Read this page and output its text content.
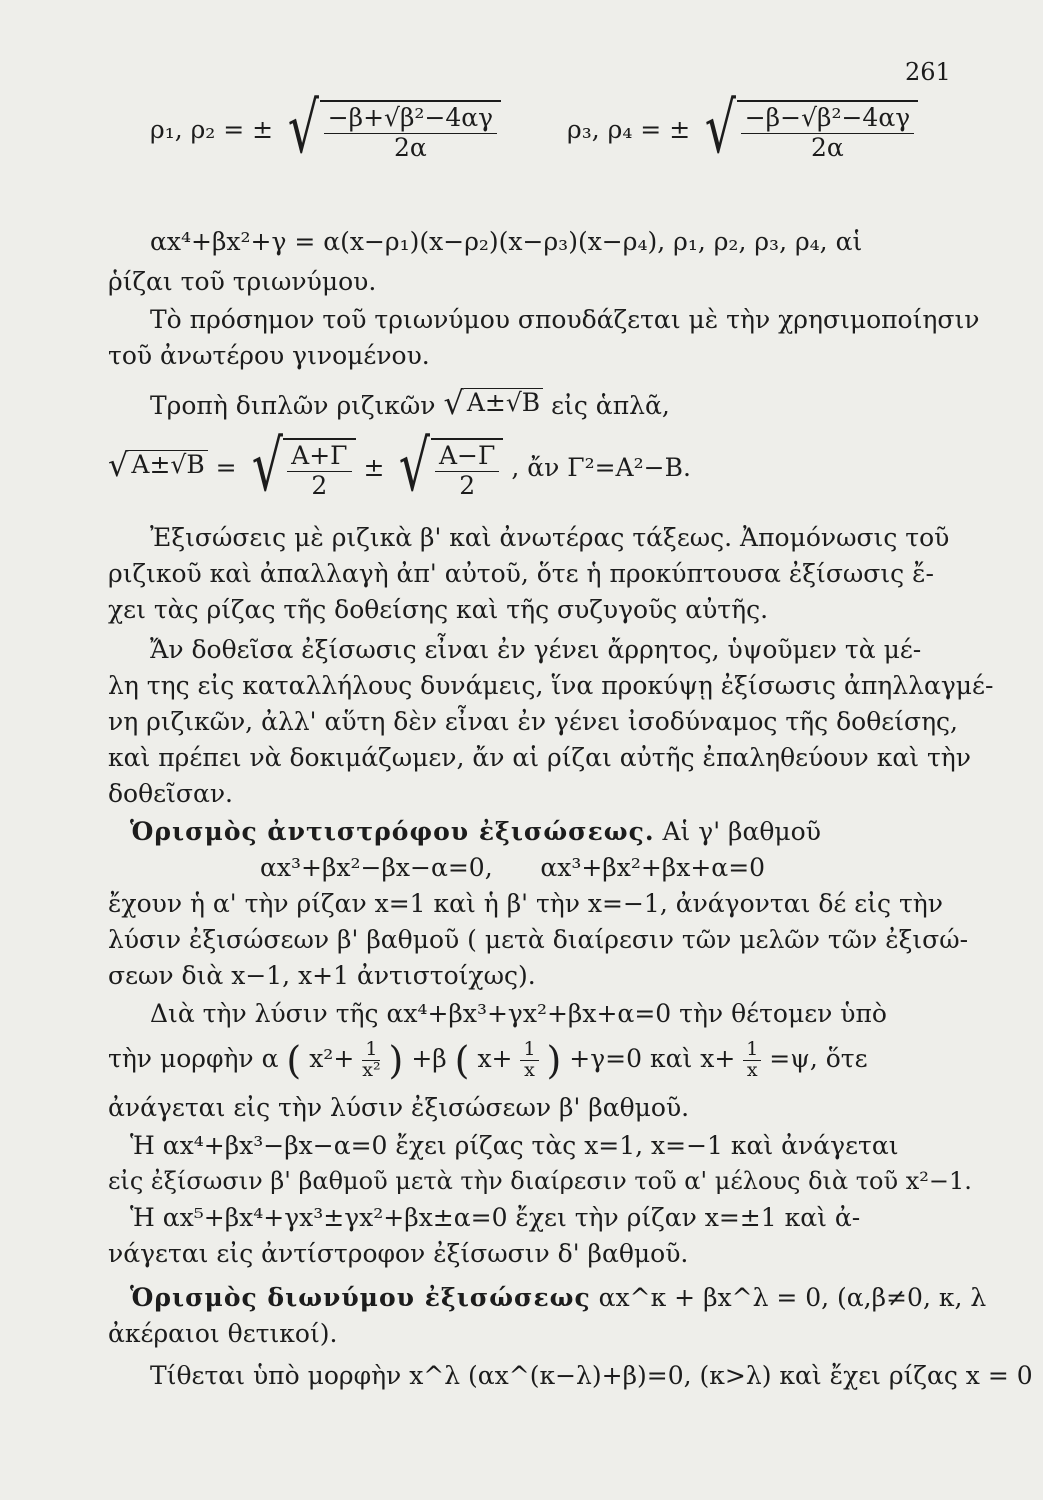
261
ρ₁, ρ₂ = ± √ $\frac{\text{−β+√β²−4αγ}}{2\alpha}$	ρ₃, ρ₄ = ± √ $\frac{\text{−β−√β²−4αγ}}{2\alpha}$
αx⁴+βx²+γ = α(x−ρ₁)(x−ρ₂)(x−ρ₃)(x−ρ₄), ρ₁, ρ₂, ρ₃, ρ₄, αἱ
ῥίζαι τοῦ τριωνύμου.
Τὸ πρόσημον τοῦ τριωνύμου σπουδάζεται μὲ τὴν χρησιμοποίησιν
τοῦ ἀνωτέρου γινομένου.
Τροπὴ διπλῶν ριζικῶν √ A±√B εἰς ἁπλᾶ,
√ A±√B = √ $\frac{A+\Gamma}{2}$ ± √ $\frac{A-\Gamma}{2}$ , ἄν Γ²=A²−B.
Ἐξισώσεις μὲ ριζικὰ β' καὶ ἀνωτέρας τάξεως. Ἀπομόνωσις τοῦ
ριζικοῦ καὶ ἀπαλλαγὴ ἀπ' αὐτοῦ, ὅτε ἡ προκύπτουσα ἐξίσωσις ἔ-
χει τὰς ρίζας τῆς δοθείσης καὶ τῆς συζυγοῦς αὐτῆς.
Ἄν δοθεῖσα ἐξίσωσις εἶναι ἐν γένει ἄρρητος, ὑψοῦμεν τὰ μέ-
λη της εἰς καταλλήλους δυνάμεις, ἵνα προκύψῃ ἐξίσωσις ἀπηλλαγμέ-
νη ριζικῶν, ἀλλ' αὕτη δὲν εἶναι ἐν γένει ἰσοδύναμος τῆς δοθείσης,
καὶ πρέπει νὰ δοκιμάζωμεν, ἄν αἱ ρίζαι αὐτῆς ἐπαληθεύουν καὶ τὴν
δοθεῖσαν.
Ὁρισμὸς ἀντιστρόφου ἐξισώσεως. Αἱ γ' βαθμοῦ
αx³+βx²−βx−α=0,      αx³+βx²+βx+α=0
ἔχουν ἡ α' τὴν ρίζαν x=1 καὶ ἡ β' τὴν x=−1, ἀνάγονται δέ εἰς τὴν
λύσιν ἐξισώσεων β' βαθμοῦ ( μετὰ διαίρεσιν τῶν μελῶν τῶν ἐξισώ-
σεων διὰ x−1, x+1 ἀντιστοίχως).
Διὰ τὴν λύσιν τῆς αx⁴+βx³+γx²+βx+α=0 τὴν θέτομεν ὑπὸ
τὴν μορφὴν α ( $x^2+ \frac{1}{\text{x²}}$ ) +β ( $x+ \frac{1}{x}$ ) +γ=0 καὶ $x+ \frac{1}{x} =\psi$, ὅτε
ἀνάγεται εἰς τὴν λύσιν ἐξισώσεων β' βαθμοῦ.
Ἡ αx⁴+βx³−βx−α=0 ἔχει ρίζας τὰς x=1, x=−1 καὶ ἀνάγεται
εἰς ἐξίσωσιν β' βαθμοῦ μετὰ τὴν διαίρεσιν τοῦ α' μέλους διὰ τοῦ x²−1.
Ἡ αx⁵+βx⁴+γx³±γx²+βx±α=0 ἔχει τὴν ρίζαν x=±1 καὶ ἀ-
νάγεται εἰς ἀντίστροφον ἐξίσωσιν δ' βαθμοῦ.
Ὁρισμὸς διωνύμου ἐξισώσεως αx^κ + βx^λ = 0, (α,β≠0, κ, λ
ἀκέραιοι θετικοί).
Τίθεται ὑπὸ μορφὴν x^λ (αx^(κ−λ)+β)=0, (κ>λ) καὶ ἔχει ρίζας x = 0
